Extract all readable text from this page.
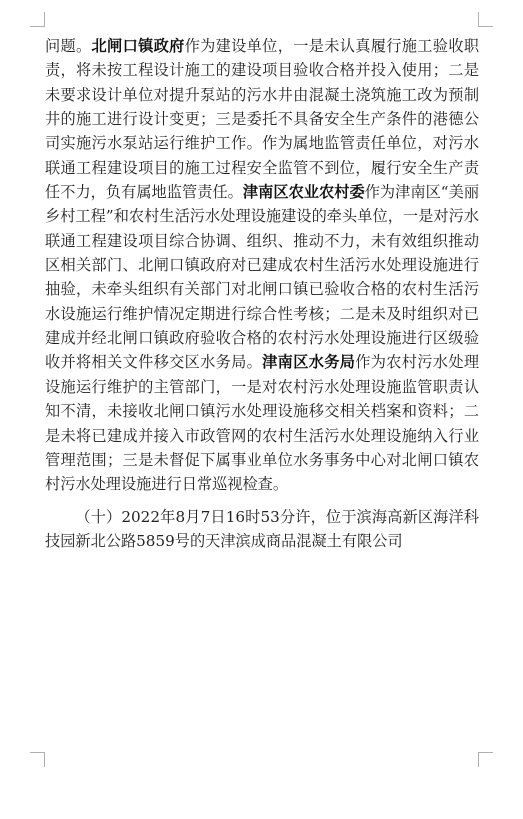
问题。北闸口镇政府作为建设单位，一是未认真履行施工验收职责，将未按工程设计施工的建设项目验收合格并投入使用；二是未要求设计单位对提升泵站的污水井由混凝土浇筑施工改为预制井的施工进行设计变更；三是委托不具备安全生产条件的港德公司实施污水泵站运行维护工作。作为属地监管责任单位，对污水联通工程建设项目的施工过程安全监管不到位，履行安全生产责任不力，负有属地监管责任。津南区农业农村委作为津南区“美丽乡村工程”和农村生活污水处理设施建设的牵头单位，一是对污水联通工程建设项目综合协调、组织、推动不力，未有效组织推动区相关部门、北闸口镇政府对已建成农村生活污水处理设施进行抽验，未牵头组织有关部门对北闸口镇已验收合格的农村生活污水设施运行维护情况定期进行综合性考核；二是未及时组织对已建成并经北闸口镇政府验收合格的农村污水处理设施进行区级验收并将相关文件移交区水务局。津南区水务局作为农村污水处理设施运行维护的主管部门，一是对农村污水处理设施监管职责认知不清，未接收北闸口镇污水处理设施移交相关档案和资料；二是未将已建成并接入市政管网的农村生活污水处理设施纳入行业管理范围；三是未督促下属事业单位水务事务中心对北闸口镇农村污水处理设施进行日常巡视检查。

（十）2022年8月7日16时53分许，位于滨海高新区海洋科技园新北公路5859号的天津滨成商品混凝土有限公司
